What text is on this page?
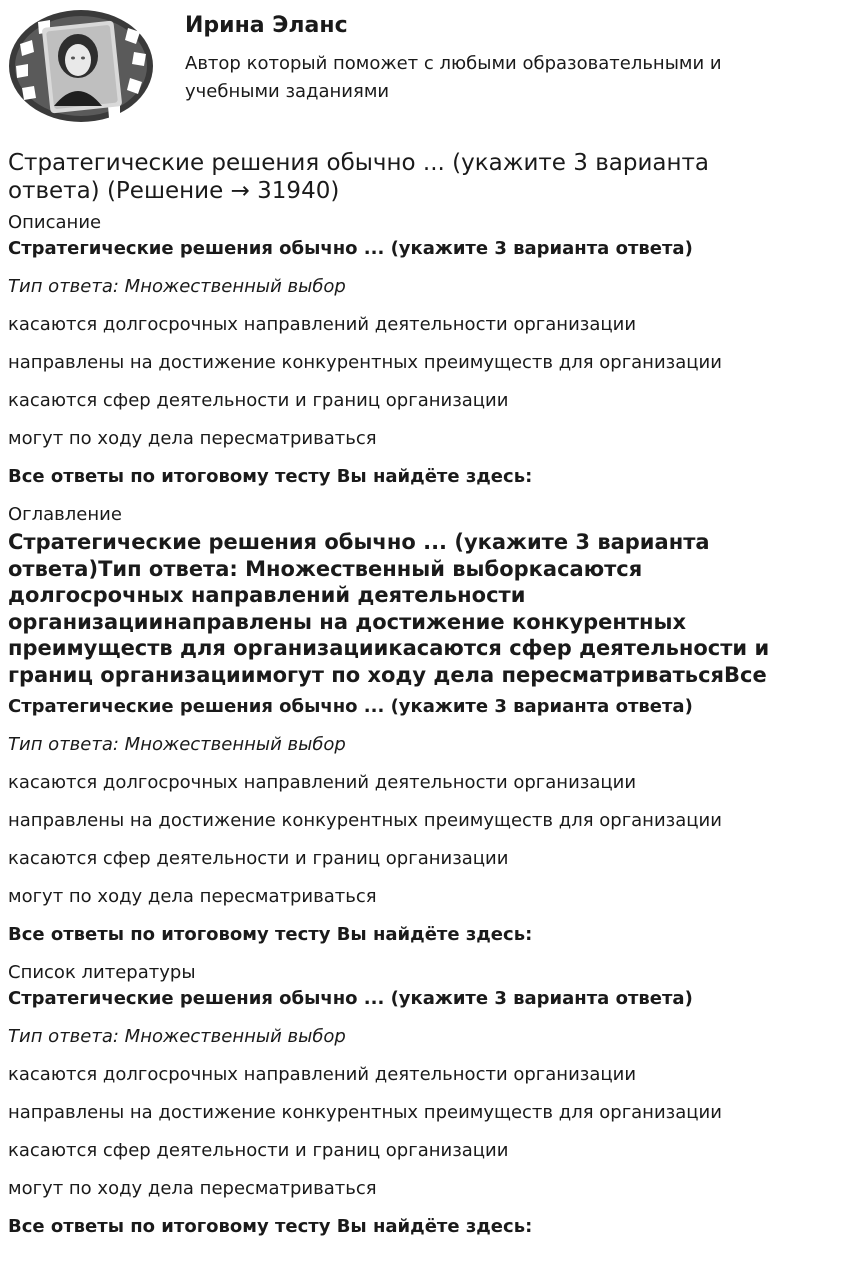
Ирина Эланс

Автор который поможет с любыми образовательными и учебными заданиями

Стратегические решения обычно ... (укажите 3 варианта ответа) (Решение → 31940)

Описание

Стратегические решения обычно ... (укажите 3 варианта ответа)

Тип ответа: Множественный выбор

касаются долгосрочных направлений деятельности организации

направлены на достижение конкурентных преимуществ для организации

касаются сфер деятельности и границ организации

могут по ходу дела пересматриваться

Все ответы по итоговому тесту Вы найдёте здесь:

Оглавление

Стратегические решения обычно ... (укажите 3 варианта ответа)Тип ответа: Множественный выборкасаются долгосрочных направлений деятельности организациинаправлены на достижение конкурентных преимуществ для организациикасаются сфер деятельности и границ организациимогут по ходу дела пересматриватьсяВсе

Стратегические решения обычно ... (укажите 3 варианта ответа)

Тип ответа: Множественный выбор

касаются долгосрочных направлений деятельности организации

направлены на достижение конкурентных преимуществ для организации

касаются сфер деятельности и границ организации

могут по ходу дела пересматриваться

Все ответы по итоговому тесту Вы найдёте здесь:

Список литературы

Стратегические решения обычно ... (укажите 3 варианта ответа)

Тип ответа: Множественный выбор

касаются долгосрочных направлений деятельности организации

направлены на достижение конкурентных преимуществ для организации

касаются сфер деятельности и границ организации

могут по ходу дела пересматриваться

Все ответы по итоговому тесту Вы найдёте здесь:
